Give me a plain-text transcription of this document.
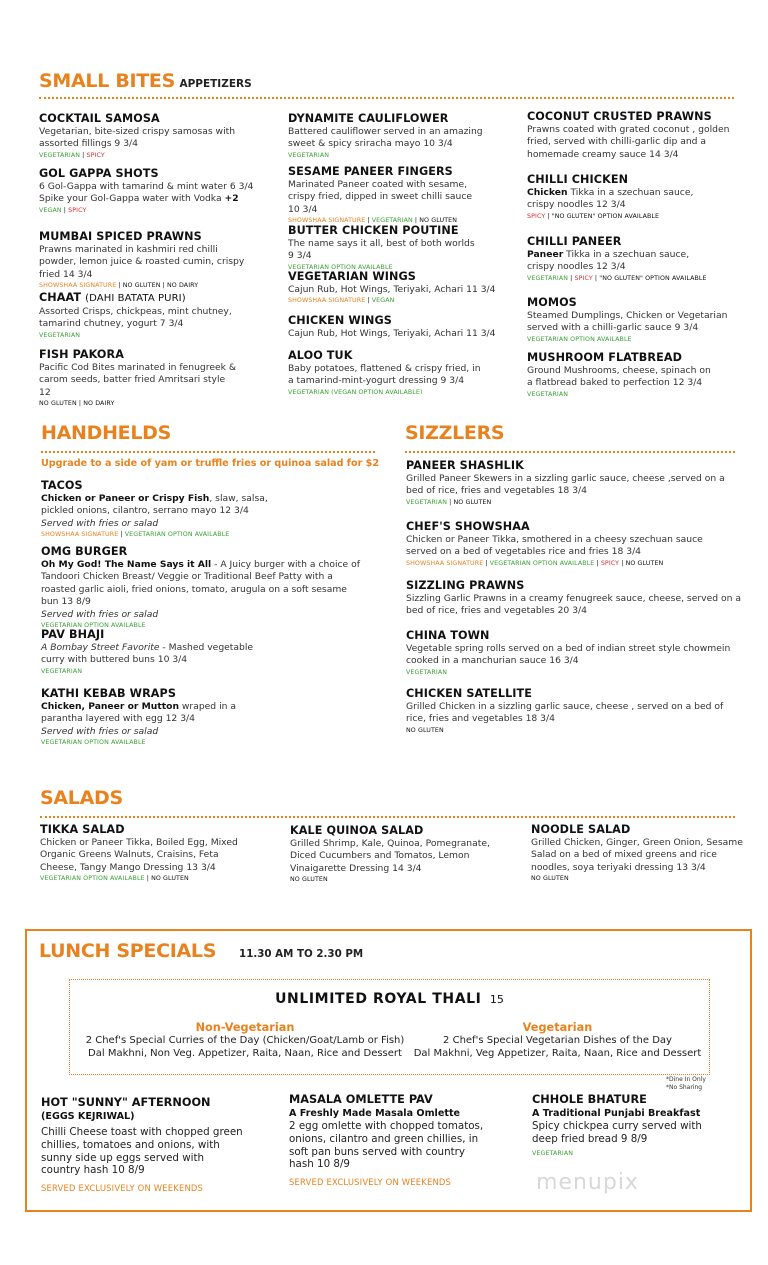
SMALL BITES APPETIZERS
COCKTAIL SAMOSA
Vegetarian, bite-sized crispy samosas with assorted fillings 9 3/4
VEGETARIAN | SPICY
GOL GAPPA SHOTS
6 Gol-Gappa with tamarind & mint water 6 3/4
Spike your Gol-Gappa water with Vodka +2
VEGAN | SPICY
MUMBAI SPICED PRAWNS
Prawns marinated in kashmiri red chilli powder, lemon juice & roasted cumin, crispy fried 14 3/4
SHOWSHAA SIGNATURE | NO GLUTEN | NO DAIRY
CHAAT (DAHI BATATA PURI)
Assorted Crisps, chickpeas, mint chutney, tamarind chutney, yogurt 7 3/4
VEGETARIAN
FISH PAKORA
Pacific Cod Bites marinated in fenugreek & carom seeds, batter fried Amritsari style 12
NO GLUTEN | NO DAIRY
DYNAMITE CAULIFLOWER
Battered cauliflower served in an amazing sweet & spicy sriracha mayo 10 3/4
VEGETARIAN
SESAME PANEER FINGERS
Marinated Paneer coated with sesame, crispy fried, dipped in sweet chilli sauce 10 3/4
SHOWSHAA SIGNATURE | VEGETARIAN | NO GLUTEN
BUTTER CHICKEN POUTINE
The name says it all, best of both worlds 9 3/4
VEGETARIAN OPTION AVAILABLE
VEGETARIAN WINGS
Cajun Rub, Hot Wings, Teriyaki, Achari 11 3/4
SHOWSHAA SIGNATURE | VEGAN
CHICKEN WINGS
Cajun Rub, Hot Wings, Teriyaki, Achari 11 3/4
ALOO TUK
Baby potatoes, flattened & crispy fried, in a tamarind-mint-yogurt dressing 9 3/4
VEGETARIAN (VEGAN OPTION AVAILABLE)
COCONUT CRUSTED PRAWNS
Prawns coated with grated coconut , golden fried, served with chilli-garlic dip and a homemade creamy sauce 14 3/4
CHILLI CHICKEN
Chicken Tikka in a szechuan sauce, crispy noodles 12 3/4
SPICY | "NO GLUTEN" OPTION AVAILABLE
CHILLI PANEER
Paneer Tikka in a szechuan sauce, crispy noodles 12 3/4
VEGETARIAN | SPICY | "NO GLUTEN" OPTION AVAILABLE
MOMOS
Steamed Dumplings, Chicken or Vegetarian served with a chilli-garlic sauce 9 3/4
VEGETARIAN OPTION AVAILABLE
MUSHROOM FLATBREAD
Ground Mushrooms, cheese, spinach on a flatbread baked to perfection 12 3/4
VEGETARIAN
HANDHELDS
Upgrade to a side of yam or truffle fries or quinoa salad for $2
TACOS
Chicken or Paneer or Crispy Fish, slaw, salsa, pickled onions, cilantro, serrano mayo 12 3/4
Served with fries or salad
SHOWSHAA SIGNATURE | VEGETARIAN OPTION AVAILABLE
OMG BURGER
Oh My God! The Name Says it All - A Juicy burger with a choice of Tandoori Chicken Breast/ Veggie or Traditional Beef Patty with a roasted garlic aioli, fried onions, tomato, arugula on a soft sesame bun 13 8/9
Served with fries or salad
VEGETARIAN OPTION AVAILABLE
PAV BHAJI
A Bombay Street Favorite - Mashed vegetable curry with buttered buns 10 3/4
VEGETARIAN
KATHI KEBAB WRAPS
Chicken, Paneer or Mutton wraped in a parantha layered with egg 12 3/4
Served with fries or salad
VEGETARIAN OPTION AVAILABLE
SIZZLERS
PANEER SHASHLIK
Grilled Paneer Skewers in a sizzling garlic sauce, cheese ,served on a bed of rice, fries and vegetables 18 3/4
VEGETARIAN | NO GLUTEN
CHEF'S SHOWSHAA
Chicken or Paneer Tikka, smothered in a cheesy szechuan sauce served on a bed of vegetables rice and fries 18 3/4
SHOWSHAA SIGNATURE | VEGETARIAN OPTION AVAILABLE | SPICY | NO GLUTEN
SIZZLING PRAWNS
Sizzling Garlic Prawns in a creamy fenugreek sauce, cheese, served on a bed of rice, fries and vegetables 20 3/4
CHINA TOWN
Vegetable spring rolls served on a bed of indian street style chowmein cooked in a manchurian sauce 16 3/4
VEGETARIAN
CHICKEN SATELLITE
Grilled Chicken in a sizzling garlic sauce, cheese , served on a bed of rice, fries and vegetables 18 3/4
NO GLUTEN
SALADS
TIKKA SALAD
Chicken or Paneer Tikka, Boiled Egg, Mixed Organic Greens Walnuts, Craisins, Feta Cheese, Tangy Mango Dressing 13 3/4
VEGETARIAN OPTION AVAILABLE | NO GLUTEN
KALE QUINOA SALAD
Grilled Shrimp, Kale, Quinoa, Pomegranate, Diced Cucumbers and Tomatos, Lemon Vinaigarette Dressing 14 3/4
NO GLUTEN
NOODLE SALAD
Grilled Chicken, Ginger, Green Onion, Sesame Salad on a bed of mixed greens and rice noodles, soya teriyaki dressing 13 3/4
NO GLUTEN
LUNCH SPECIALS 11.30 AM TO 2.30 PM
UNLIMITED ROYAL THALI 15
Non-Vegetarian
2 Chef's Special Curries of the Day (Chicken/Goat/Lamb or Fish)
Dal Makhni, Non Veg. Appetizer, Raita, Naan, Rice and Dessert
Vegetarian
2 Chef's Special Vegetarian Dishes of the Day
Dal Makhni, Veg Appetizer, Raita, Naan, Rice and Dessert
*Dine In Only
*No Sharing
HOT "SUNNY" AFTERNOON
(EGGS KEJRIWAL)
Chilli Cheese toast with chopped green chillies, tomatoes and onions, with sunny side up eggs served with country hash 10 8/9
SERVED EXCLUSIVELY ON WEEKENDS
MASALA OMLETTE PAV
A Freshly Made Masala Omlette
2 egg omlette with chopped tomatos, onions, cilantro and green chillies, in soft pan buns served with country hash 10 8/9
SERVED EXCLUSIVELY ON WEEKENDS
CHHOLE BHATURE
A Traditional Punjabi Breakfast
Spicy chickpea curry served with deep fried bread 9 8/9
VEGETARIAN
menupix
